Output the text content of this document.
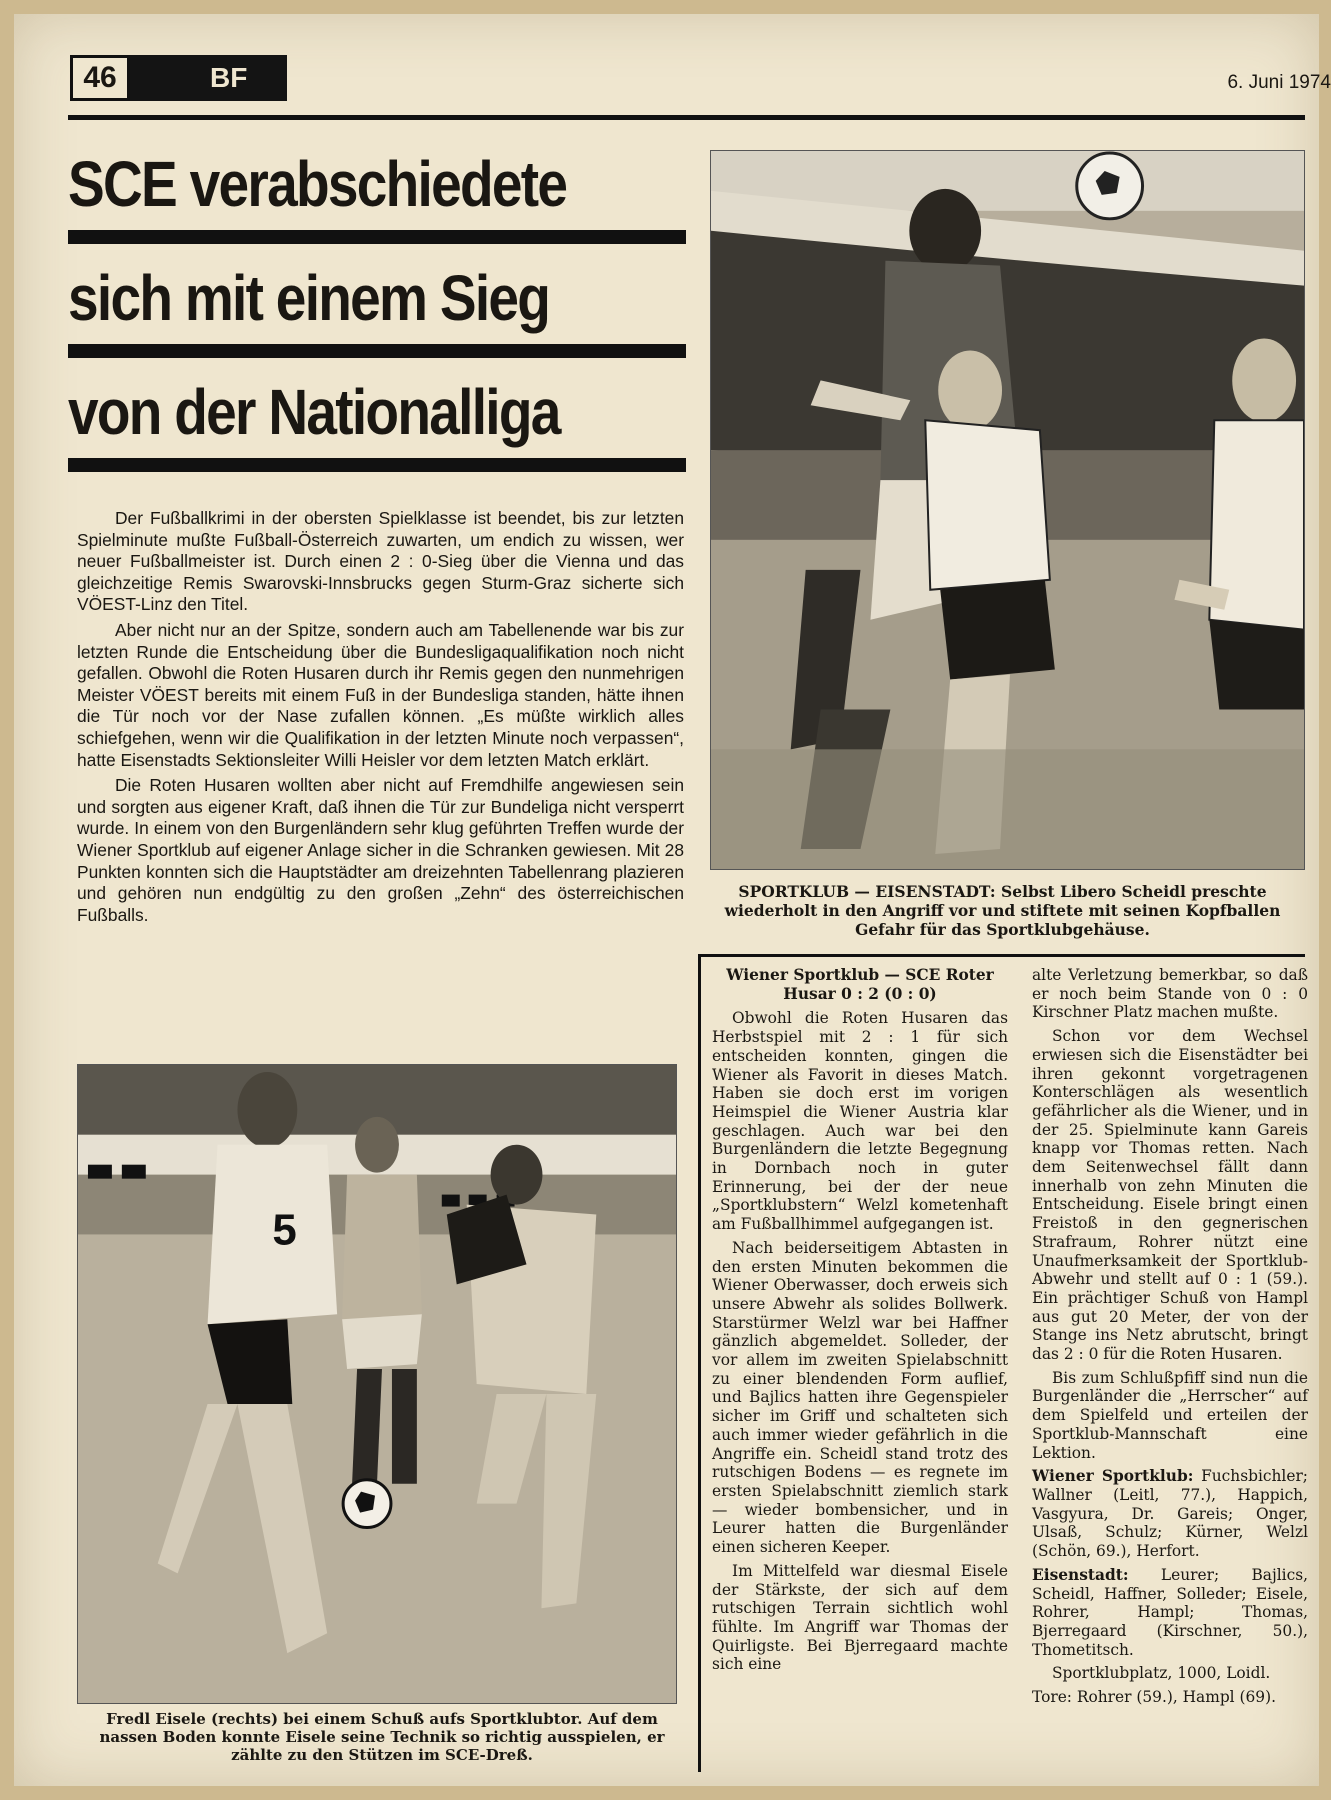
46	BF	6. Juni 1974
SCE verabschiedete
sich mit einem Sieg
von der Nationalliga

Der Fußballkrimi in der obersten Spielklasse ist beendet, bis zur letzten Spielminute mußte Fußball-Österreich zuwarten, um endich zu wissen, wer neuer Fußballmeister ist. Durch einen 2 : 0-Sieg über die Vienna und das gleichzeitige Remis Swarovski-Innsbrucks gegen Sturm-Graz sicherte sich VÖEST-Linz den Titel.

Aber nicht nur an der Spitze, sondern auch am Tabellenende war bis zur letzten Runde die Entscheidung über die Bundesligaqualifikation noch nicht gefallen. Obwohl die Roten Husaren durch ihr Remis gegen den nunmehrigen Meister VÖEST bereits mit einem Fuß in der Bundesliga standen, hätte ihnen die Tür noch vor der Nase zufallen können. „Es müßte wirklich alles schiefgehen, wenn wir die Qualifikation in der letzten Minute noch verpassen“, hatte Eisenstadts Sektionsleiter Willi Heisler vor dem letzten Match erklärt.

Die Roten Husaren wollten aber nicht auf Fremdhilfe angewiesen sein und sorgten aus eigener Kraft, daß ihnen die Tür zur Bundeliga nicht versperrt wurde. In einem von den Burgenländern sehr klug geführten Treffen wurde der Wiener Sportklub auf eigener Anlage sicher in die Schranken gewiesen. Mit 28 Punkten konnten sich die Hauptstädter am dreizehnten Tabellenrang plazieren und gehören nun endgültig zu den großen „Zehn“ des österreichischen Fußballs.

SPORTKLUB — EISENSTADT: Selbst Libero Scheidl preschte wiederholt in den Angriff vor und stiftete mit seinen Kopfballen Gefahr für das Sportklubgehäuse.
5
Fredl Eisele (rechts) bei einem Schuß aufs Sportklubtor. Auf dem nassen Boden konnte Eisele seine Technik so richtig ausspielen, er zählte zu den Stützen im SCE-Dreß.
Wiener Sportklub — SCE Roter Husar 0 : 2 (0 : 0)

Obwohl die Roten Husaren das Herbstspiel mit 2 : 1 für sich entscheiden konnten, gingen die Wiener als Favorit in dieses Match. Haben sie doch erst im vorigen Heimspiel die Wiener Austria klar geschlagen. Auch war bei den Burgenländern die letzte Begegnung in Dornbach noch in guter Erinnerung, bei der der neue „Sportklubstern“ Welzl kometenhaft am Fußballhimmel aufgegangen ist.

Nach beiderseitigem Abtasten in den ersten Minuten bekommen die Wiener Oberwasser, doch erweis sich unsere Abwehr als solides Bollwerk. Starstürmer Welzl war bei Haffner gänzlich abgemeldet. Solleder, der vor allem im zweiten Spielabschnitt zu einer blendenden Form auflief, und Bajlics hatten ihre Gegenspieler sicher im Griff und schalteten sich auch immer wieder gefährlich in die Angriffe ein. Scheidl stand trotz des rutschigen Bodens — es regnete im ersten Spielabschnitt ziemlich stark — wieder bombensicher, und in Leurer hatten die Burgenländer einen sicheren Keeper.

Im Mittelfeld war diesmal Eisele der Stärkste, der sich auf dem rutschigen Terrain sichtlich wohl fühlte. Im Angriff war Thomas der Quirligste. Bei Bjerregaard machte sich eine

alte Verletzung bemerkbar, so daß er noch beim Stande von 0 : 0 Kirschner Platz machen mußte.

Schon vor dem Wechsel erwiesen sich die Eisenstädter bei ihren gekonnt vorgetragenen Konterschlägen als wesentlich gefährlicher als die Wiener, und in der 25. Spielminute kann Gareis knapp vor Thomas retten. Nach dem Seitenwechsel fällt dann innerhalb von zehn Minuten die Entscheidung. Eisele bringt einen Freistoß in den gegnerischen Strafraum, Rohrer nützt eine Unaufmerksamkeit der Sportklub-Abwehr und stellt auf 0 : 1 (59.). Ein prächtiger Schuß von Hampl aus gut 20 Meter, der von der Stange ins Netz abrutscht, bringt das 2 : 0 für die Roten Husaren.

Bis zum Schlußpfiff sind nun die Burgenländer die „Herrscher“ auf dem Spielfeld und erteilen der Sportklub-Mannschaft eine Lektion.

Wiener Sportklub: Fuchsbichler; Wallner (Leitl, 77.), Happich, Vasgyura, Dr. Gareis; Onger, Ulsaß, Schulz; Kürner, Welzl (Schön, 69.), Herfort.

Eisenstadt: Leurer; Bajlics, Scheidl, Haffner, Solleder; Eisele, Rohrer, Hampl; Thomas, Bjerregaard (Kirschner, 50.), Thometitsch.

Sportklubplatz, 1000, Loidl.

Tore: Rohrer (59.), Hampl (69).
